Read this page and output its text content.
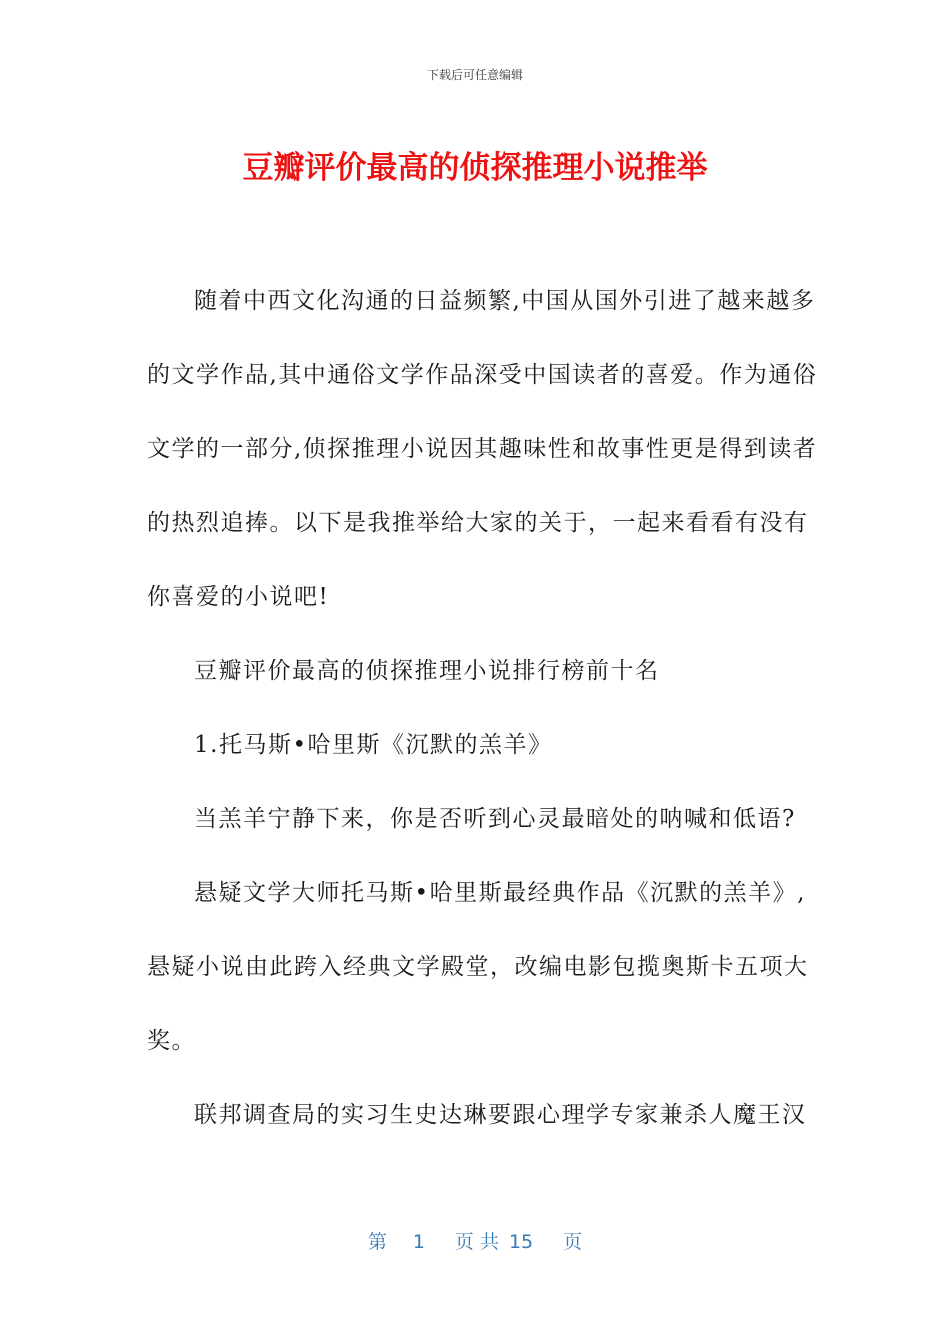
下载后可任意编辑
豆瓣评价最高的侦探推理小说推举
随着中西文化沟通的日益频繁,中国从国外引进了越来越多
的文学作品,其中通俗文学作品深受中国读者的喜爱。作为通俗
文学的一部分,侦探推理小说因其趣味性和故事性更是得到读者
的热烈追捧。以下是我推举给大家的关于，一起来看看有没有
你喜爱的小说吧!
豆瓣评价最高的侦探推理小说排行榜前十名
1.托马斯•哈里斯《沉默的羔羊》
当羔羊宁静下来，你是否听到心灵最暗处的呐喊和低语?
悬疑文学大师托马斯•哈里斯最经典作品《沉默的羔羊》,
悬疑小说由此跨入经典文学殿堂，改编电影包揽奥斯卡五项大
奖。
联邦调查局的实习生史达琳要跟心理学专家兼杀人魔王汉
第 1 页 共 15 页
